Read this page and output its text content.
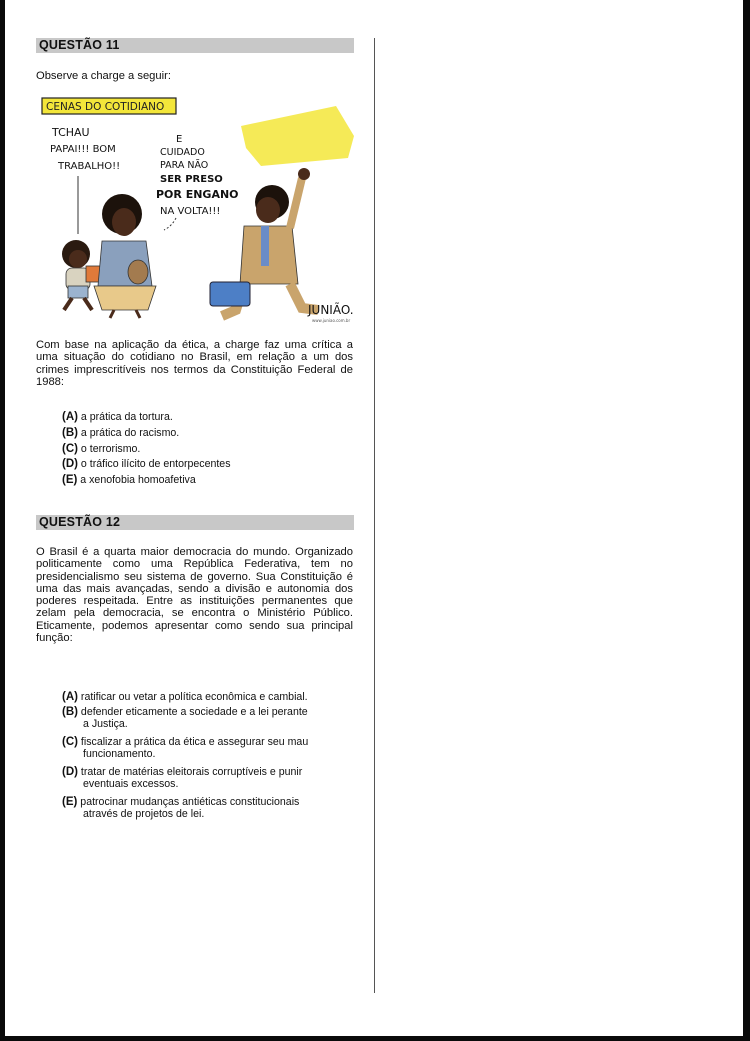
QUESTÃO 11
Observe a charge a seguir:
CENAS DO COTIDIANO
TCHAU
PAPAI!!! BOM
TRABALHO!!
E
CUIDADO
PARA NÃO
SER PRESO
POR ENGANO
NA VOLTA!!!
JUNIÃO.
www.juniao.com.br
Com base na aplicação da ética, a charge faz uma crítica a uma situação do cotidiano no Brasil, em relação a um dos crimes imprescritíveis nos termos da Constituição Federal de 1988:
(A) a prática da tortura.
(B) a prática do racismo.
(C) o terrorismo.
(D) o tráfico ilícito de entorpecentes
(E) a xenofobia homoafetiva
QUESTÃO 12
O Brasil é a quarta maior democracia do mundo. Organizado politicamente como uma República Federativa, tem no presidencialismo seu sistema de governo. Sua Constituição é uma das mais avançadas, sendo a divisão e autonomia dos poderes respeitada. Entre as instituições permanentes que zelam pela democracia, se encontra o Ministério Público. Eticamente, podemos apresentar como sendo sua principal função:
(A) ratificar ou vetar a política econômica e cambial.
(B) defender eticamente a sociedade e a lei perante
a Justiça.
(C) fiscalizar a prática da ética e assegurar seu mau
funcionamento.
(D) tratar de matérias eleitorais corruptíveis e punir
eventuais excessos.
(E) patrocinar mudanças antiéticas constitucionais
através de projetos de lei.
